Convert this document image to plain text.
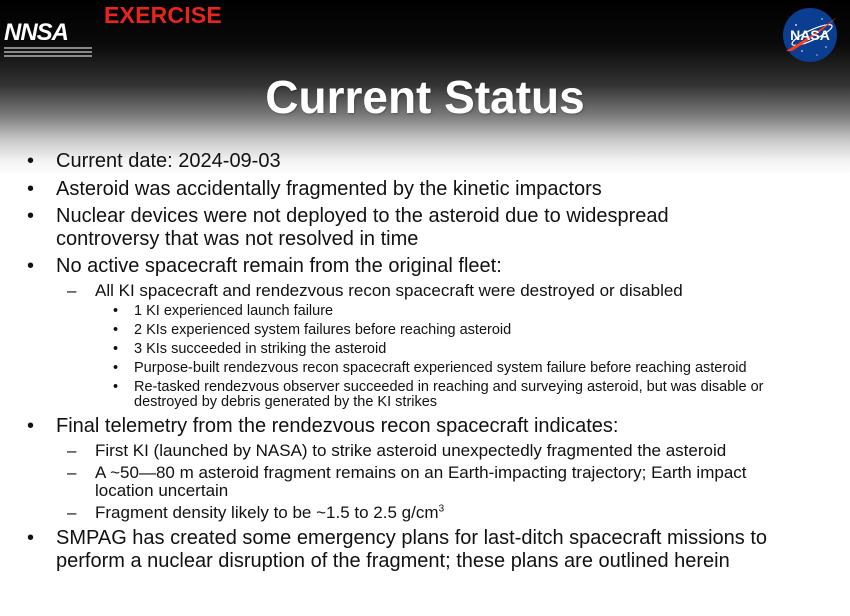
NNSA
EXERCISE
NASA
Current Status
• Current date: 2024-09-03
• Asteroid was accidentally fragmented by the kinetic impactors
• Nuclear devices were not deployed to the asteroid due to widespread controversy that was not resolved in time
• No active spacecraft remain from the original fleet:
– All KI spacecraft and rendezvous recon spacecraft were destroyed or disabled
• 1 KI experienced launch failure
• 2 KIs experienced system failures before reaching asteroid
• 3 KIs succeeded in striking the asteroid
• Purpose-built rendezvous recon spacecraft experienced system failure before reaching asteroid
• Re-tasked rendezvous observer succeeded in reaching and surveying asteroid, but was disable or destroyed by debris generated by the KI strikes
• Final telemetry from the rendezvous recon spacecraft indicates:
– First KI (launched by NASA) to strike asteroid unexpectedly fragmented the asteroid
– A ~50—80 m asteroid fragment remains on an Earth-impacting trajectory; Earth impact location uncertain
– Fragment density likely to be ~1.5 to 2.5 $g/cm^3$
• SMPAG has created some emergency plans for last-ditch spacecraft missions to perform a nuclear disruption of the fragment; these plans are outlined herein
